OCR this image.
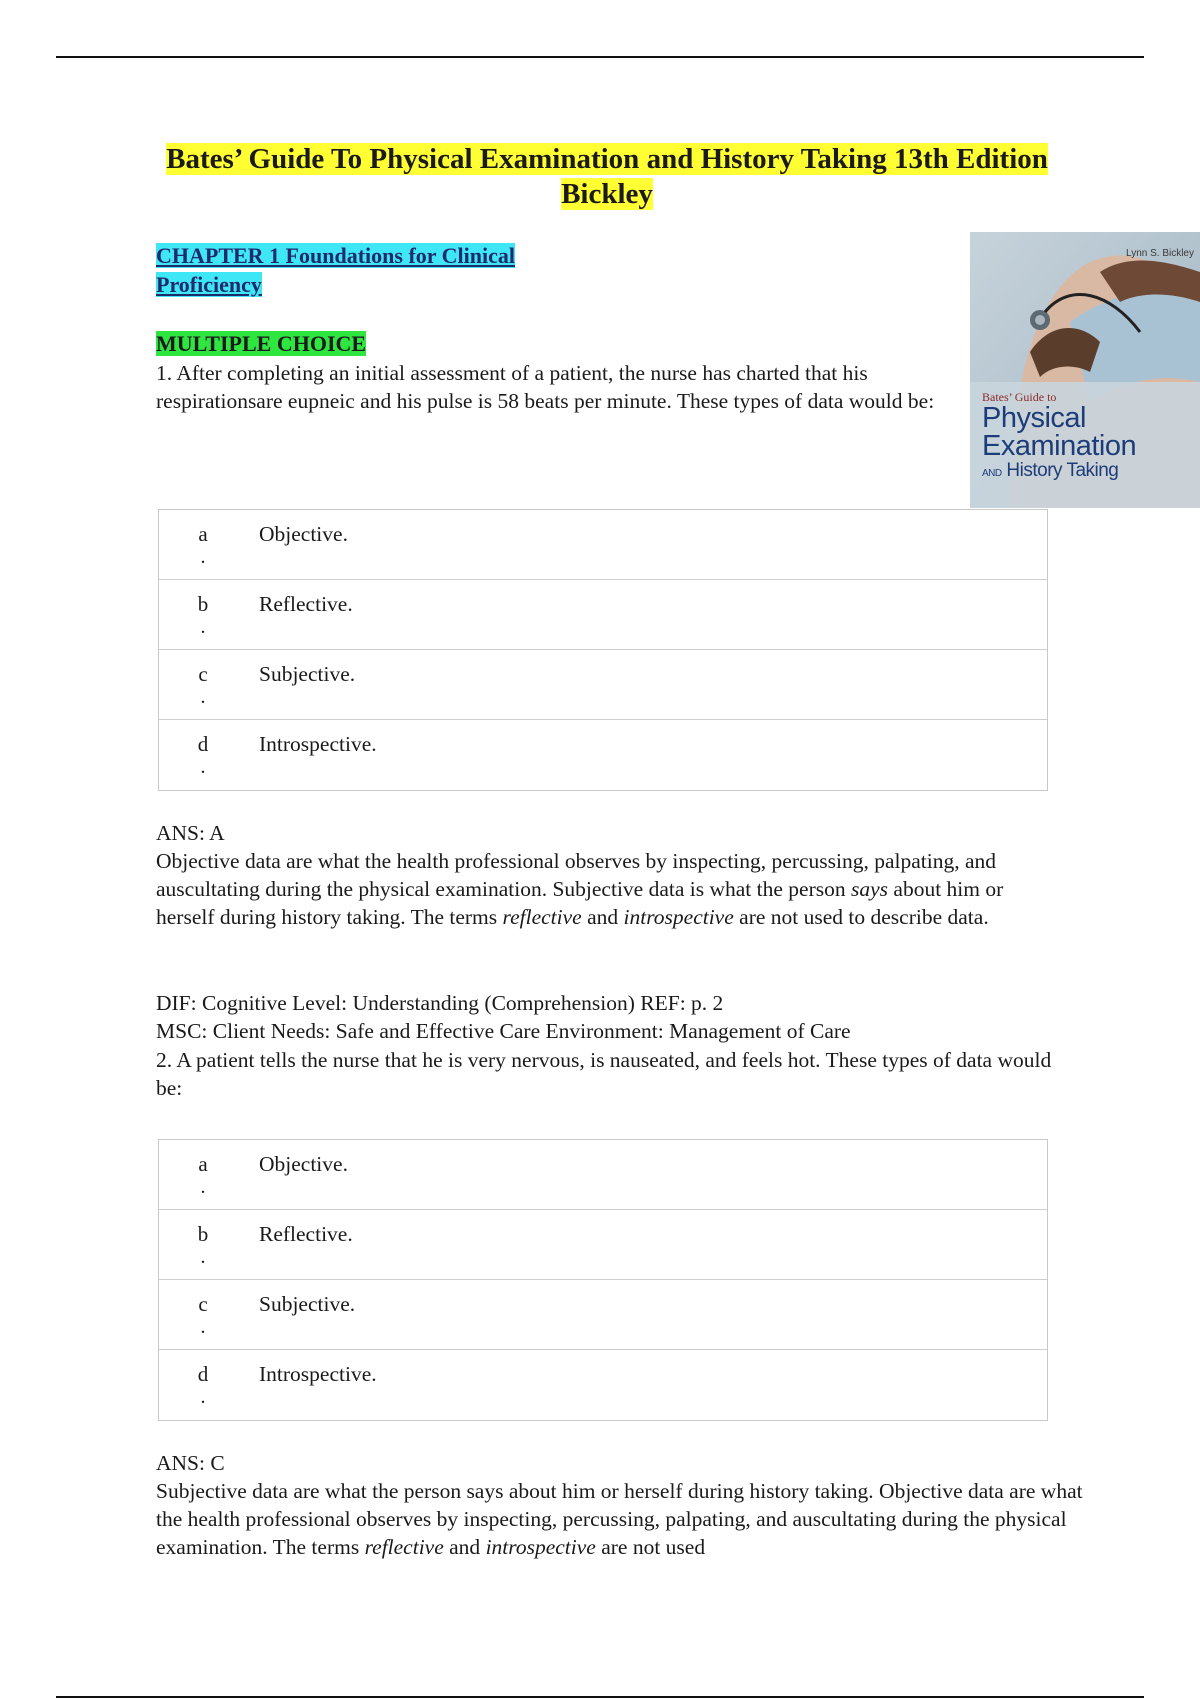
Bates’ Guide To Physical Examination and History Taking 13th Edition Bickley
CHAPTER 1 Foundations for Clinical
Proficiency
Lynn S. Bickley
Bates’ Guide to
Physical
Examination
AND History Taking
MULTIPLE CHOICE
1. After completing an initial assessment of a patient, the nurse has charted that his respirationsare eupneic and his pulse is 58 beats per minute. These types of data would be:
a
.
Objective.
b
.
Reflective.
c
.
Subjective.
d
.
Introspective.
ANS: A
Objective data are what the health professional observes by inspecting, percussing, palpating, and auscultating during the physical examination. Subjective data is what the person says about him or herself during history taking. The terms reflective and introspective are not used to describe data.
DIF: Cognitive Level: Understanding (Comprehension) REF: p. 2
MSC: Client Needs: Safe and Effective Care Environment: Management of Care
2. A patient tells the nurse that he is very nervous, is nauseated, and feels hot. These types of data would be:
a
.
Objective.
b
.
Reflective.
c
.
Subjective.
d
.
Introspective.
ANS: C
Subjective data are what the person says about him or herself during history taking. Objective data are what the health professional observes by inspecting, percussing, palpating, and auscultating during the physical examination. The terms reflective and introspective are not used
